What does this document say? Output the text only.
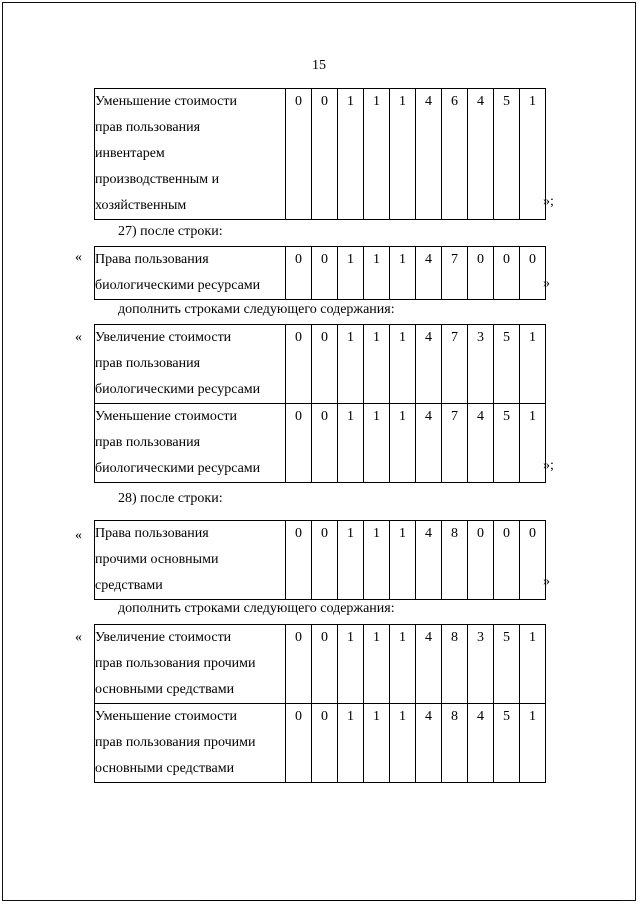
15
Уменьшение стоимости
прав пользования
инвентарем
производственным и
хозяйственным
	0	0	1	1	1	4	6	4	5	1
»;
27) после строки:
« Права пользования
биологическими ресурсами
	0	0	1	1	1	4	7	0	0	0
»
дополнить строками следующего содержания:
« Увеличение стоимости
прав пользования
биологическими ресурсами	0	0	1	1	1	4	7	3	5	1

Уменьшение стоимости
прав пользования
биологическими ресурсами	0	0	1	1	1	4	7	4	5	1
»;
28) после строки:
« Права пользования
прочими основными
средствами
	0	0	1	1	1	4	8	0	0	0
»
дополнить строками следующего содержания:
« Увеличение стоимости
прав пользования прочими
основными средствами	0	0	1	1	1	4	8	3	5	1

Уменьшение стоимости
прав пользования прочими
основными средствами	0	0	1	1	1	4	8	4	5	1
